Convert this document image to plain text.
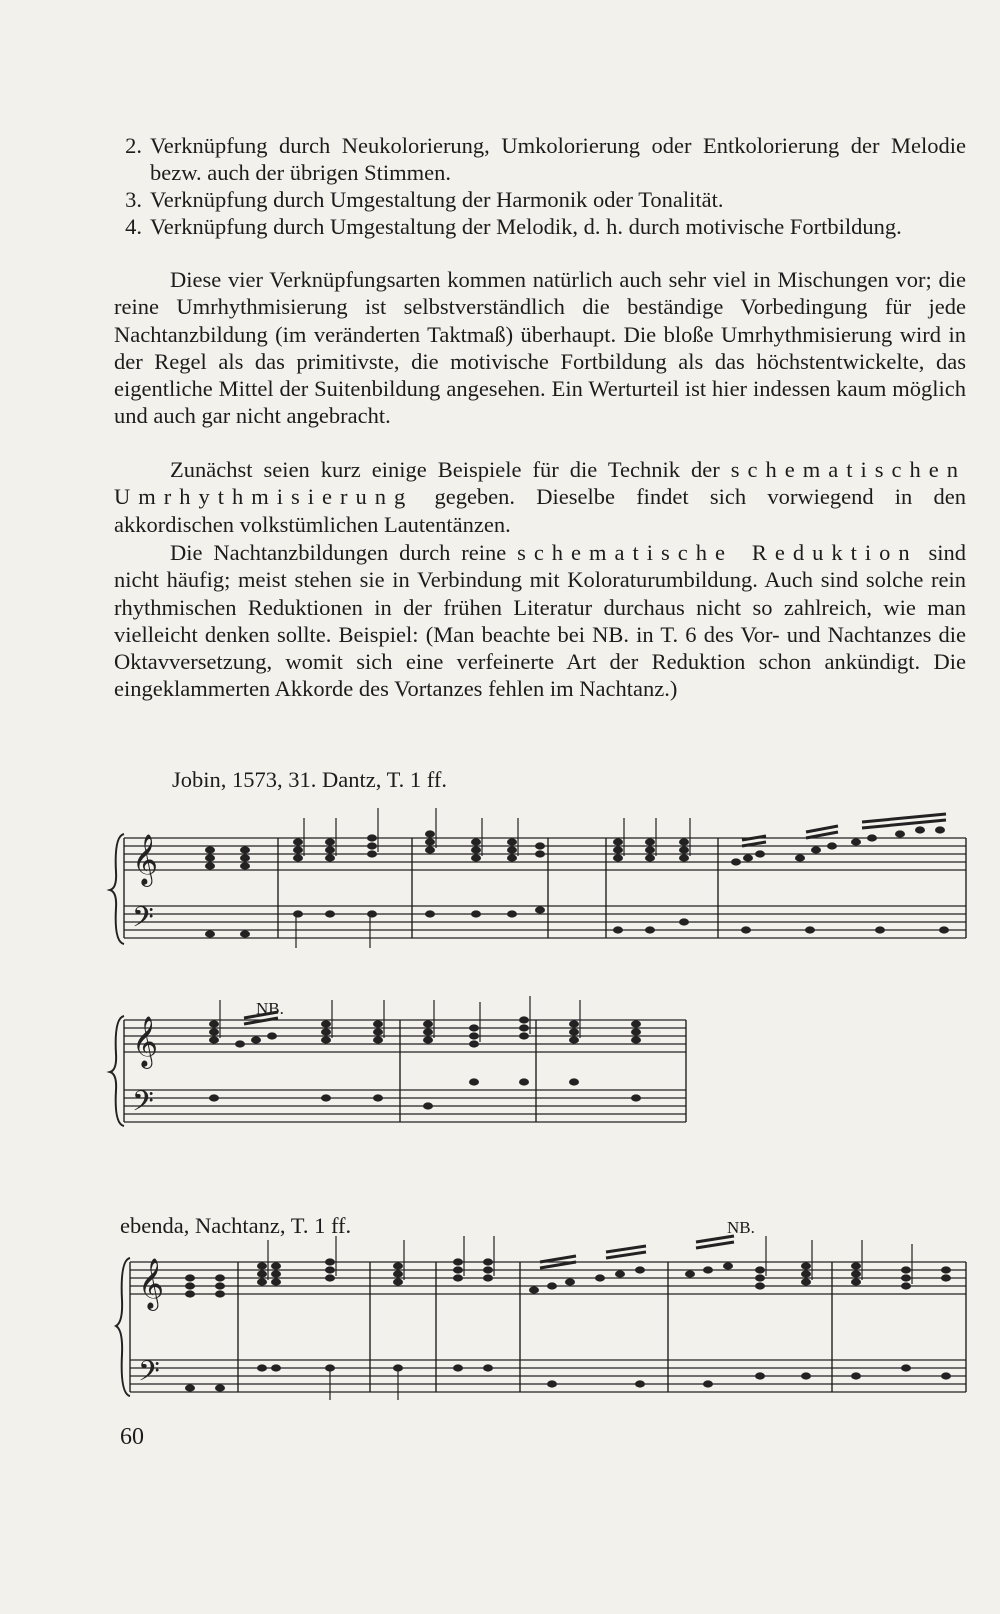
2. Verknüpfung durch Neukolorierung, Umkolorierung oder Entkolorierung der Melodie bezw. auch der übrigen Stimmen.
3. Verknüpfung durch Umgestaltung der Harmonik oder Tonalität.
4. Verknüpfung durch Umgestaltung der Melodik, d. h. durch motivische Fortbildung.

Diese vier Verknüpfungsarten kommen natürlich auch sehr viel in Mischungen vor; die reine Umrhythmisierung ist selbstverständlich die beständige Vorbedingung für jede Nachtanzbildung (im veränderten Taktmaß) überhaupt. Die bloße Umrhythmisierung wird in der Regel als das primitivste, die motivische Fortbildung als das höchstentwickelte, das eigentliche Mittel der Suitenbildung angesehen. Ein Werturteil ist hier indessen kaum möglich und auch gar nicht angebracht.

Zunächst seien kurz einige Beispiele für die Technik der schematischen Umrhythmisierung gegeben. Dieselbe findet sich vorwiegend in den akkordischen volkstümlichen Lautentänzen.

Die Nachtanzbildungen durch reine schematische Reduktion sind nicht häufig; meist stehen sie in Verbindung mit Koloraturumbildung. Auch sind solche rein rhythmischen Reduktionen in der frühen Literatur durchaus nicht so zahlreich, wie man vielleicht denken sollte. Beispiel: (Man beachte bei NB. in T. 6 des Vor- und Nachtanzes die Oktavversetzung, womit sich eine verfeinerte Art der Reduktion schon ankündigt. Die eingeklammerten Akkorde des Vortanzes fehlen im Nachtanz.)

Jobin, 1573, 31. Dantz, T. 1 ff.
NB.
ebenda, Nachtanz, T. 1 ff.	NB.
𝄞
𝄢
𝄞
𝄢
𝄞
𝄢
60
